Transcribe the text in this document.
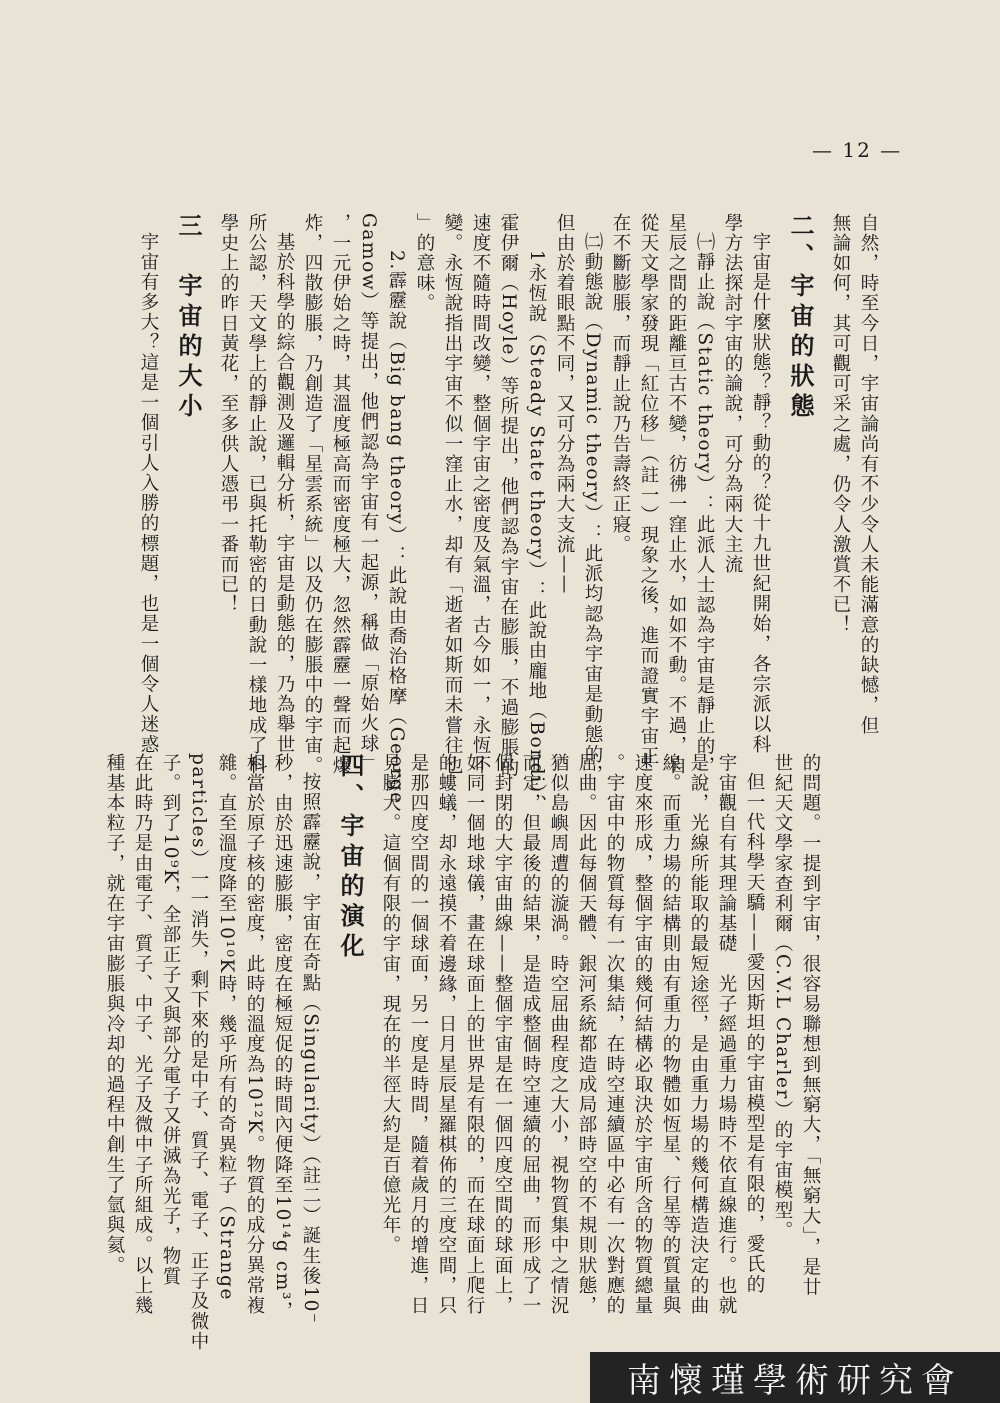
— 12 —

自然，時至今日，宇宙論尚有不少令人未能滿意的缺憾，但

無論如何，其可觀可采之處，仍令人激賞不已！

二、宇宙的狀態

宇宙是什麼狀態？靜？動的？從十九世紀開始，各宗派以科

學方法探討宇宙的論說，可分為兩大主流

㈠靜止說（Static theory）：此派人士認為宇宙是靜止的，

星辰之間的距離亘古不變，彷彿一窪止水，如如不動。不過，自

從天文學家發現「紅位移」（註一）現象之後，進而證實宇宙正

在不斷膨脹，而靜止說乃告壽終正寢。

㈡動態說（Dynamic theory）：此派均認為宇宙是動態的，

但由於着眼點不同，又可分為兩大支流——

1永恆說（Steady State theory）：此說由龐地（Bondi）、

霍伊爾（Hoyle）等所提出，他們認為宇宙在膨脹，不過膨脹的

速度不隨時間改變，整個宇宙之密度及氣溫，古今如一，永恆不

變。永恆說指出宇宙不似一窪止水，却有「逝者如斯而未嘗往也

」的意味。

2.霹靂說（Big bang theory）：此說由喬治格摩（George

Gamow）等提出，他們認為宇宙有一起源，稱做「原始火球」

，一元伊始之時，其溫度極高而密度極大，忽然霹靂一聲而起爆

炸，四散膨脹，乃創造了「星雲系統」以及仍在膨脹中的宇宙。

基於科學的綜合觀測及邏輯分析，宇宙是動態的，乃為舉世

所公認，天文學上的靜止說，已與托勒密的日動說一樣地成了科

學史上的昨日黃花，至多供人憑弔一番而已！

三　宇宙的大小

宇宙有多大？這是一個引人入勝的標題，也是一個令人迷惑

的問題。一提到宇宙，很容易聯想到無窮大，「無窮大」，是廿

世紀天文學家查利爾（C.V.L Charler）的宇宙模型。

但一代科學天驕——愛因斯坦的宇宙模型是有限的，愛氏的

宇宙觀自有其理論基礎　光子經過重力場時不依直線進行。也就

是說，光線所能取的最短途徑，是由重力場的幾何構造決定的曲

線。而重力場的結構則由有重力的物體如恆星、行星等的質量與

速度來形成，整個宇宙的幾何結構必取決於宇宙所含的物質總量

。宇宙中的物質每有一次集結，在時空連續區中必有一次對應的

屈曲。因此每個天體、銀河系統都造成局部時空的不規則狀態，

猶似島嶼周遭的漩渦。時空屈曲程度之大小，視物質集中之情況

而定，但最後的結果，是造成整個時空連續的屈曲，而形成了一

個封閉的大宇宙曲線——整個宇宙是在一個四度空間的球面上，

如同一個地球儀，畫在球面上的世界是有限的，而在球面上爬行

的螻蟻，却永遠摸不着邊緣，日月星辰星羅棋佈的三度空間，只

是那四度空間的一個球面，另一度是時間，隨着歲月的增進，日

見膨大。這個有限的宇宙，現在的半徑大約是百億光年。

四、宇宙的演化

按照霹靂說，宇宙在奇點（Singularity）（註二）誕生後10⁻

秒，由於迅速膨脹，密度在極短促的時間內便降至10¹⁴g cm³，

相當於原子核的密度，此時的溫度為10¹²K。物質的成分異常複

雜。直至溫度降至10¹⁰K時，幾乎所有的奇異粒子（Strange

particles）一一消失，剩下來的是中子、質子、電子、正子及微中

子。到了10⁹K，全部正子又與部分電子又併滅為光子，物質

在此時乃是由電子、質子、中子、光子及微中子所組成。以上幾

種基本粒子，就在宇宙膨脹與冷却的過程中創生了氫與氦。

南懷瑾學術研究會
